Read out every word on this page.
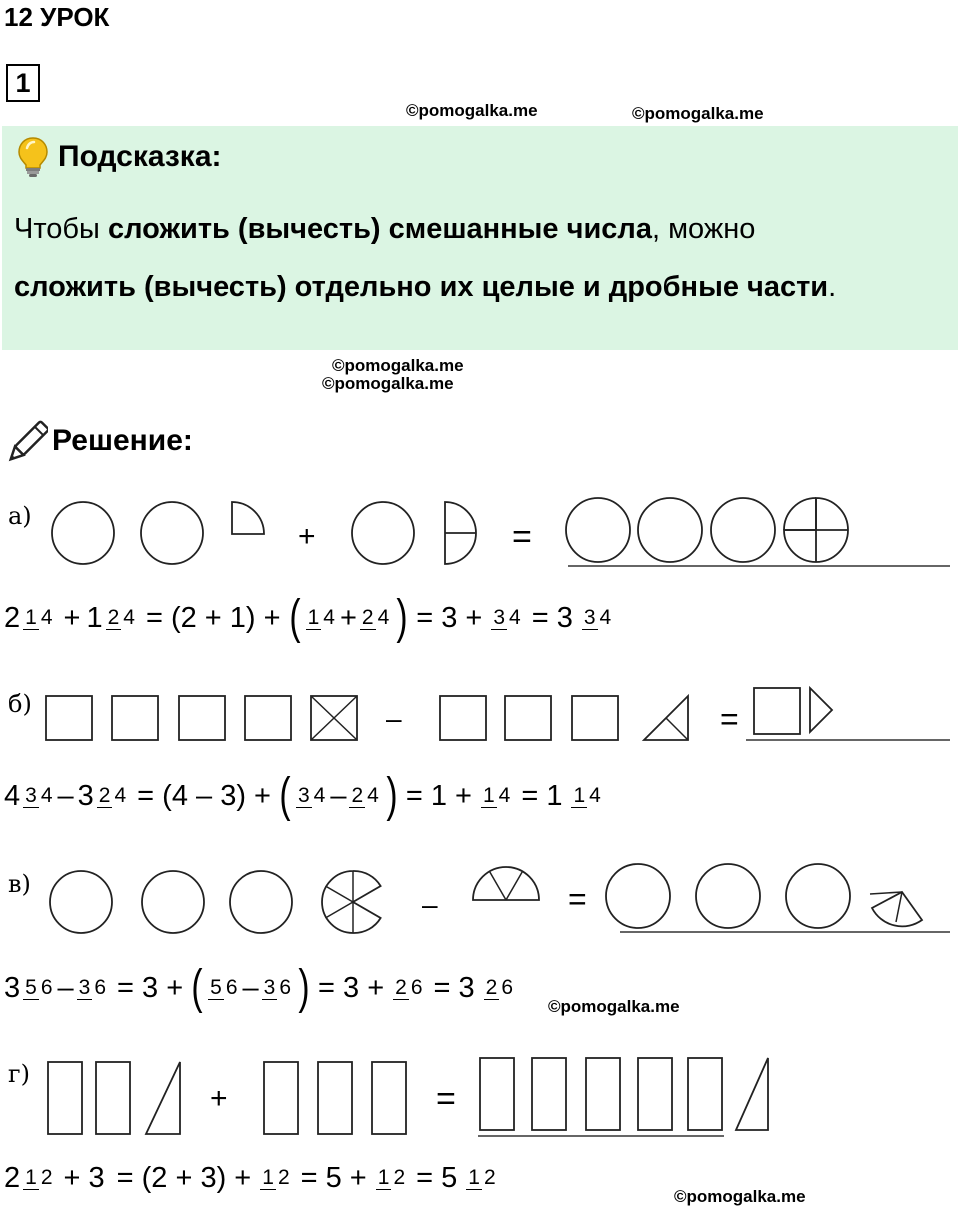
12 УРОК
1
©pomogalka.me	©pomogalka.me
Подсказка:
Чтобы сложить (вычесть) смешанные числа, можно
сложить (вычесть) отдельно их целые и дробные части.
©pomogalka.me
©pomogalka.me
Решение:
а)
+	=
2 1 4 + 1 2 4 = (2 + 1) + ( 1 4 + 2 4 ) = 3 + 3 4 = 3 3 4
б)	–	=
4 3 4 – 3 2 4 = (4 – 3) + ( 3 4 – 2 4 ) = 1 + 1 4 = 1 1 4
в)
–	=
3 5 6 – 3 6 = 3 + ( 5 6 – 3 6 ) = 3 + 2 6 = 3 2 6
©pomogalka.me
г)
+	=
2 1 2 + 3 = (2 + 3) + 1 2 = 5 + 1 2 = 5 1 2
©pomogalka.me
